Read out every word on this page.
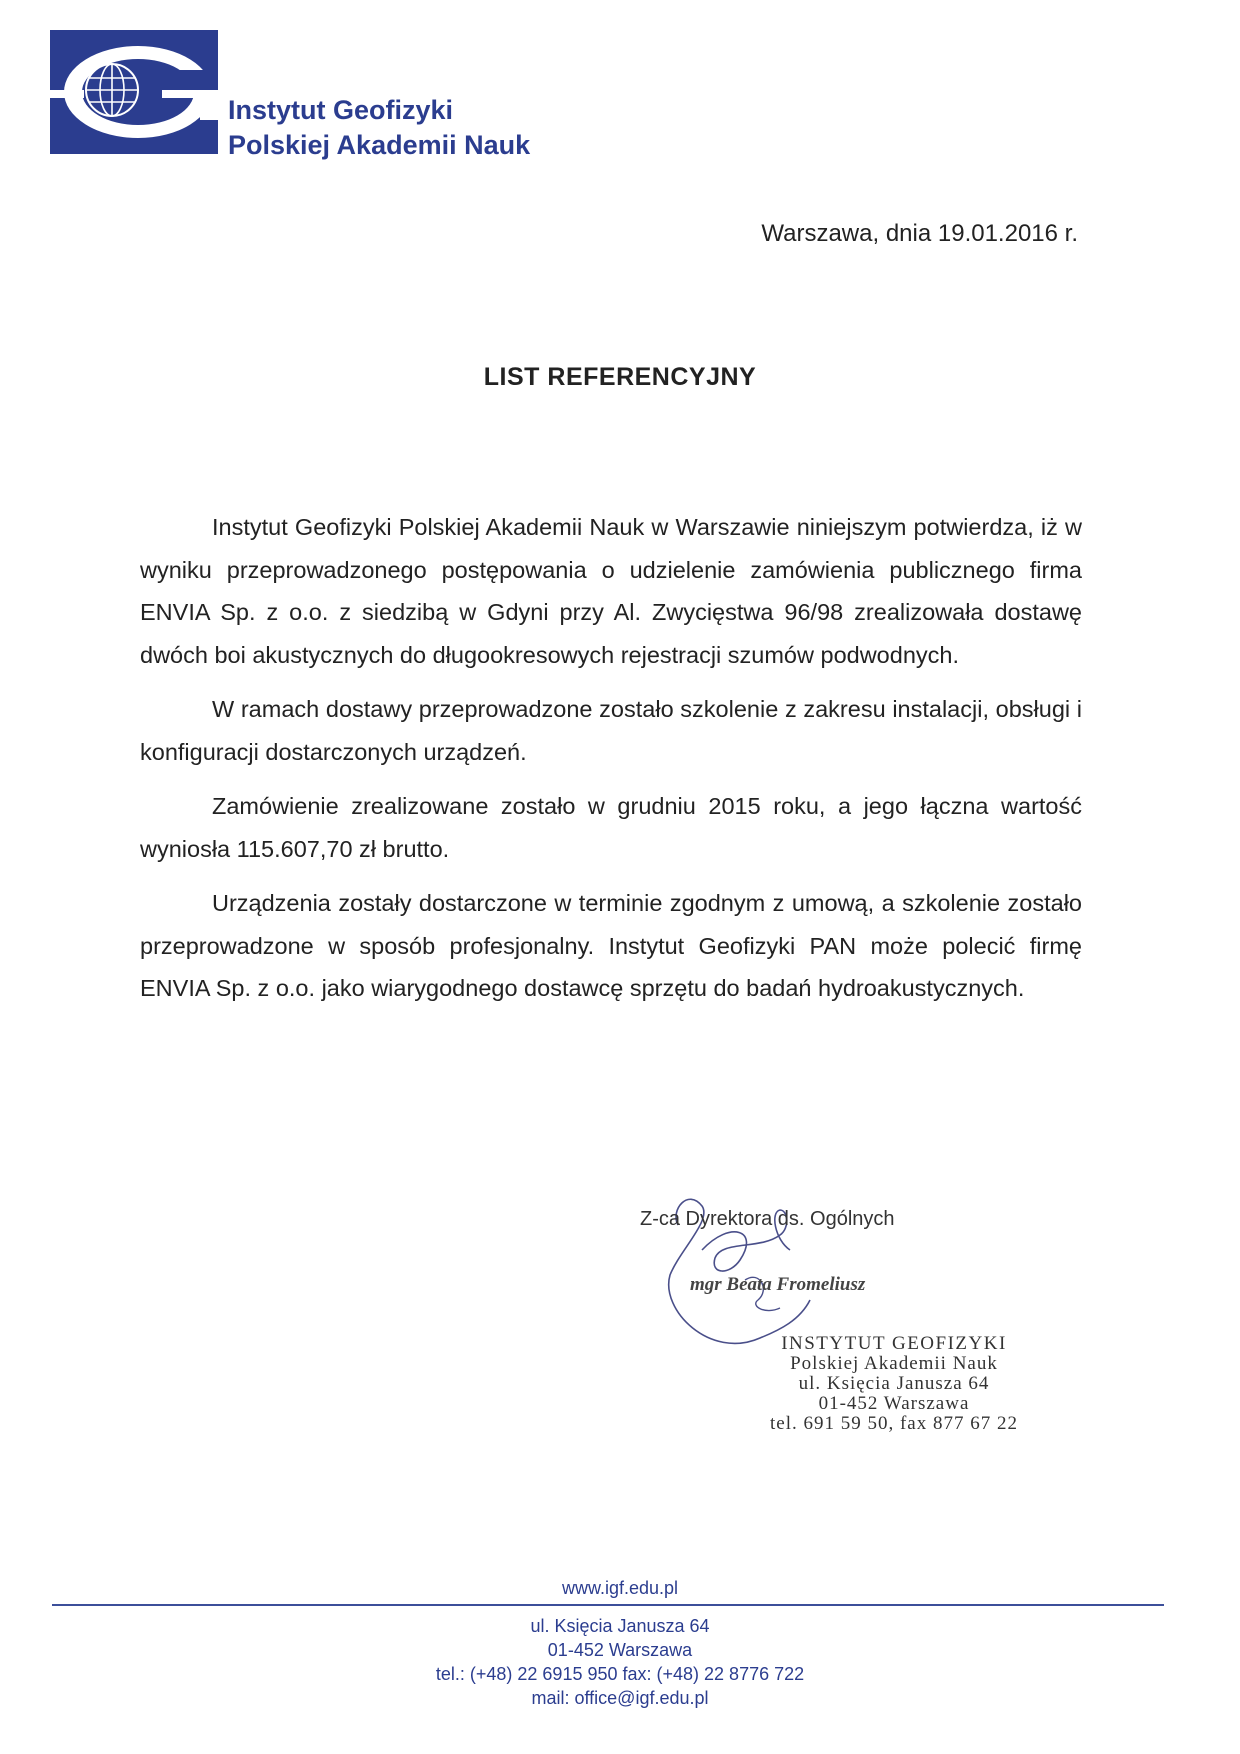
Instytut Geofizyki
Polskiej Akademii Nauk
Warszawa, dnia 19.01.2016 r.
LIST REFERENCYJNY

Instytut Geofizyki Polskiej Akademii Nauk w Warszawie niniejszym potwierdza, iż w wyniku przeprowadzonego postępowania o udzielenie zamówienia publicznego firma ENVIA Sp. z o.o. z siedzibą w Gdyni przy Al. Zwycięstwa 96/98 zrealizowała dostawę dwóch boi akustycznych do długookresowych rejestracji szumów podwodnych.

W ramach dostawy przeprowadzone zostało szkolenie z zakresu instalacji, obsługi i konfiguracji dostarczonych urządzeń.

Zamówienie zrealizowane zostało w grudniu 2015 roku, a jego łączna wartość wyniosła 115.607,70 zł brutto.

Urządzenia zostały dostarczone w terminie zgodnym z umową, a szkolenie zostało przeprowadzone w sposób profesjonalny. Instytut Geofizyki PAN może polecić firmę ENVIA Sp. z o.o. jako wiarygodnego dostawcę sprzętu do badań hydroakustycznych.

Z-ca Dyrektora ds. Ogólnych
mgr Beata Fromeliusz
INSTYTUT GEOFIZYKI
Polskiej Akademii Nauk
ul. Księcia Janusza 64
01-452 Warszawa
tel. 691 59 50, fax 877 67 22
www.igf.edu.pl
ul. Księcia Janusza 64
01-452 Warszawa
tel.: (+48) 22 6915 950 fax: (+48) 22 8776 722
mail: office@igf.edu.pl
